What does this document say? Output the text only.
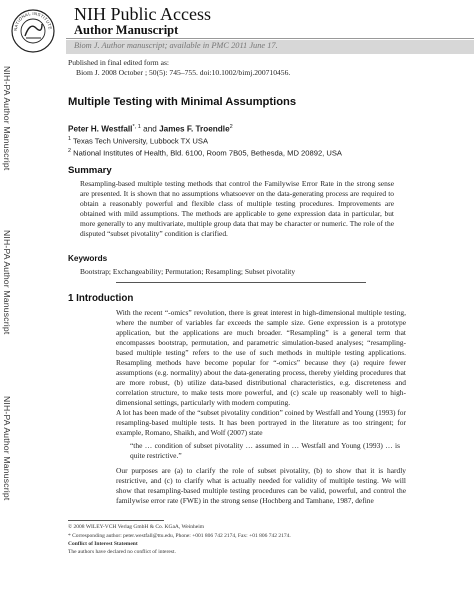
NATIONAL INSTITUTE
NIH Public Access
Author Manuscript
Biom J. Author manuscript; available in PMC 2011 June 17.
NIH-PA Author Manuscript
NIH-PA Author Manuscript
NIH-PA Author Manuscript
Published in final edited form as:
Biom J. 2008 October ; 50(5): 745–755. doi:10.1002/bimj.200710456.
Multiple Testing with Minimal Assumptions
Peter H. Westfall$^{*, 1}$ and James F. Troendle$^2$
$^1$ Texas Tech University, Lubbock TX USA
$^2$ National Institutes of Health, Bld. 6100, Room 7B05, Bethesda, MD 20892, USA
Summary
Resampling-based multiple testing methods that control the Familywise Error Rate in the strong sense are presented. It is shown that no assumptions whatsoever on the data-generating process are required to obtain a reasonably powerful and flexible class of multiple testing procedures. Improvements are obtained with mild assumptions. The methods are applicable to gene expression data in particular, but more generally to any multivariate, multiple group data that may be character or numeric. The role of the disputed “subset pivotality” condition is clarified.
Keywords
Bootstrap; Exchangeability; Permutation; Resampling; Subset pivotality
1 Introduction
With the recent “-omics” revolution, there is great interest in high-dimensional multiple testing, where the number of variables far exceeds the sample size. Gene expression is a prototype application, but the applications are much broader. “Resampling” is a general term that encompasses bootstrap, permutation, and parametric simulation-based analyses; “resampling-based multiple testing” refers to the use of such methods in multiple testing applications. Resampling methods have become popular for “-omics” because they (a) require fewer assumptions (e.g. normality) about the data-generating process, thereby yielding procedures that are more robust, (b) utilize data-based distributional characteristics, e.g. discreteness and correlation structure, to make tests more powerful, and (c) scale up reasonably well to high-dimensional settings, particularly with modern computing.
A lot has been made of the “subset pivotality condition” coined by Westfall and Young (1993) for resampling-based multiple tests. It has been portrayed in the literature as too stringent; for example, Romano, Shaikh, and Wolf (2007) state
“the … condition of subset pivotality … assumed in … Westfall and Young (1993) … is quite restrictive.”
Our purposes are (a) to clarify the role of subset pivotality, (b) to show that it is hardly restrictive, and (c) to clarify what is actually needed for validity of multiple testing. We will show that resampling-based multiple testing procedures can be valid, powerful, and control the familywise error rate (FWE) in the strong sense (Hochberg and Tamhane, 1987, define
© 2008 WILEY-VCH Verlag GmbH & Co. KGaA, Weinheim
* Corresponding author: peter.westfall@ttu.edu, Phone: +001 806 742 2174, Fax: +01 806 742 2174.
Conflict of Interest Statement
The authors have declared no conflict of interest.
